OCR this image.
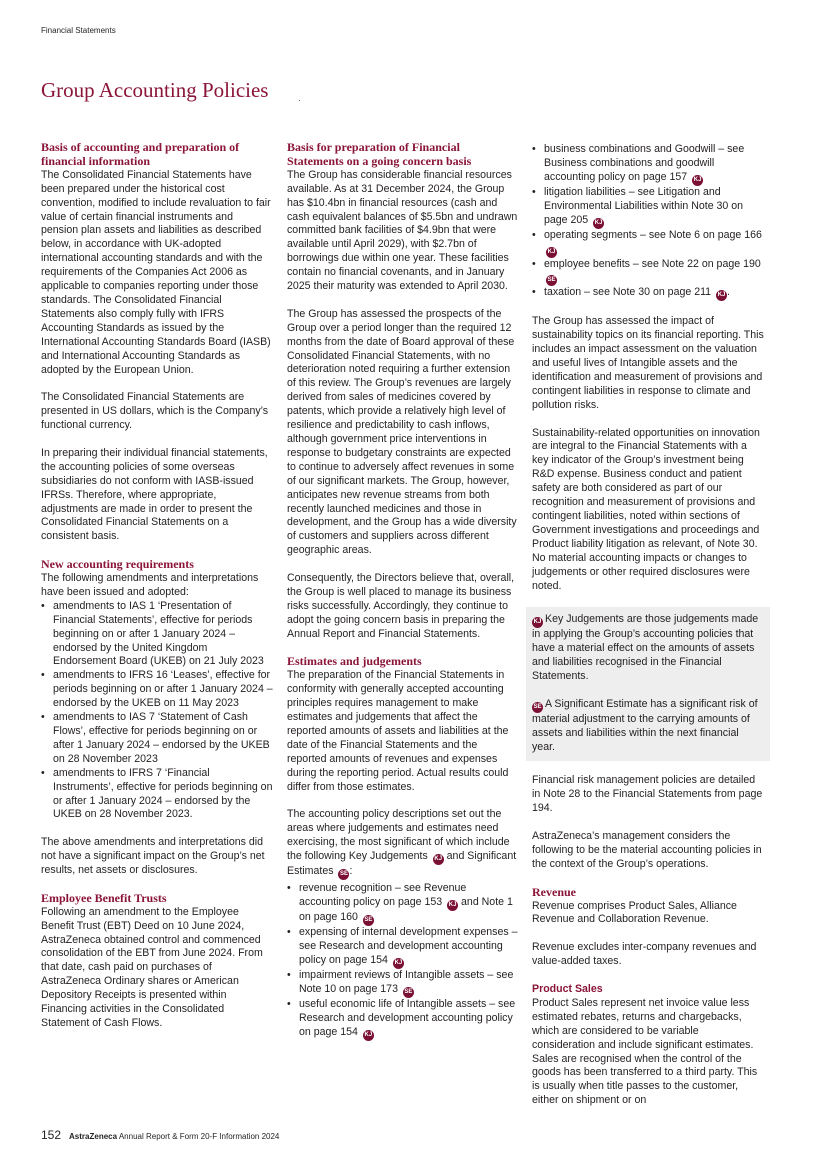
Financial Statements
Group Accounting Policies
Basis of accounting and preparation of financial information

The Consolidated Financial Statements have been prepared under the historical cost convention, modified to include revaluation to fair value of certain financial instruments and pension plan assets and liabilities as described below, in accordance with UK-adopted international accounting standards and with the requirements of the Companies Act 2006 as applicable to companies reporting under those standards. The Consolidated Financial Statements also comply fully with IFRS Accounting Standards as issued by the International Accounting Standards Board (IASB) and International Accounting Standards as adopted by the European Union.

The Consolidated Financial Statements are presented in US dollars, which is the Company’s functional currency.

In preparing their individual financial statements, the accounting policies of some overseas subsidiaries do not conform with IASB-issued IFRSs. Therefore, where appropriate, adjustments are made in order to present the Consolidated Financial Statements on a consistent basis.

New accounting requirements

The following amendments and interpretations have been issued and adopted:

• amendments to IAS 1 ‘Presentation of Financial Statements’, effective for periods beginning on or after 1 January 2024 – endorsed by the United Kingdom Endorsement Board (UKEB) on 21 July 2023
• amendments to IFRS 16 ‘Leases’, effective for periods beginning on or after 1 January 2024 – endorsed by the UKEB on 11 May 2023
• amendments to IAS 7 ‘Statement of Cash Flows’, effective for periods beginning on or after 1 January 2024 – endorsed by the UKEB on 28 November 2023
• amendments to IFRS 7 ‘Financial Instruments’, effective for periods beginning on or after 1 January 2024 – endorsed by the UKEB on 28 November 2023.

The above amendments and interpretations did not have a significant impact on the Group’s net results, net assets or disclosures.

Employee Benefit Trusts

Following an amendment to the Employee Benefit Trust (EBT) Deed on 10 June 2024, AstraZeneca obtained control and commenced consolidation of the EBT from June 2024. From that date, cash paid on purchases of AstraZeneca Ordinary shares or American Depository Receipts is presented within Financing activities in the Consolidated Statement of Cash Flows.

Basis for preparation of Financial Statements on a going concern basis

The Group has considerable financial resources available. As at 31 December 2024, the Group has $10.4bn in financial resources (cash and cash equivalent balances of $5.5bn and undrawn committed bank facilities of $4.9bn that were available until April 2029), with $2.7bn of borrowings due within one year. These facilities contain no financial covenants, and in January 2025 their maturity was extended to April 2030.

The Group has assessed the prospects of the Group over a period longer than the required 12 months from the date of Board approval of these Consolidated Financial Statements, with no deterioration noted requiring a further extension of this review. The Group’s revenues are largely derived from sales of medicines covered by patents, which provide a relatively high level of resilience and predictability to cash inflows, although government price interventions in response to budgetary constraints are expected to continue to adversely affect revenues in some of our significant markets. The Group, however, anticipates new revenue streams from both recently launched medicines and those in development, and the Group has a wide diversity of customers and suppliers across different geographic areas.

Consequently, the Directors believe that, overall, the Group is well placed to manage its business risks successfully. Accordingly, they continue to adopt the going concern basis in preparing the Annual Report and Financial Statements.

Estimates and judgements

The preparation of the Financial Statements in conformity with generally accepted accounting principles requires management to make estimates and judgements that affect the reported amounts of assets and liabilities at the date of the Financial Statements and the reported amounts of revenues and expenses during the reporting period. Actual results could differ from those estimates.

The accounting policy descriptions set out the areas where judgements and estimates need exercising, the most significant of which include the following Key Judgements KJ and Significant Estimates SE :

• revenue recognition – see Revenue accounting policy on page 153 KJ and Note 1 on page 160 SE
• expensing of internal development expenses – see Research and development accounting policy on page 154 KJ
• impairment reviews of Intangible assets – see Note 10 on page 173 SE
• useful economic life of Intangible assets – see Research and development accounting policy on page 154 KJ
• business combinations and Goodwill – see Business combinations and goodwill accounting policy on page 157 KJ
• litigation liabilities – see Litigation and Environmental Liabilities within Note 30 on page 205 KJ
• operating segments – see Note 6 on page 166 KJ
• employee benefits – see Note 22 on page 190 SE
• taxation – see Note 30 on page 211 KJ .

The Group has assessed the impact of sustainability topics on its financial reporting. This includes an impact assessment on the valuation and useful lives of Intangible assets and the identification and measurement of provisions and contingent liabilities in response to climate and pollution risks.

Sustainability-related opportunities on innovation are integral to the Financial Statements with a key indicator of the Group’s investment being R&D expense. Business conduct and patient safety are both considered as part of our recognition and measurement of provisions and contingent liabilities, noted within sections of Government investigations and proceedings and Product liability litigation as relevant, of Note 30. No material accounting impacts or changes to judgements or other required disclosures were noted.

KJ Key Judgements are those judgements made in applying the Group’s accounting policies that have a material effect on the amounts of assets and liabilities recognised in the Financial Statements.

SE A Significant Estimate has a significant risk of material adjustment to the carrying amounts of assets and liabilities within the next financial year.

Financial risk management policies are detailed in Note 28 to the Financial Statements from page 194.

AstraZeneca’s management considers the following to be the material accounting policies in the context of the Group’s operations.

Revenue

Revenue comprises Product Sales, Alliance Revenue and Collaboration Revenue.

Revenue excludes inter-company revenues and value-added taxes.

Product Sales

Product Sales represent net invoice value less estimated rebates, returns and chargebacks, which are considered to be variable consideration and include significant estimates. Sales are recognised when the control of the goods has been transferred to a third party. This is usually when title passes to the customer, either on shipment or on

152 AstraZeneca Annual Report & Form 20-F Information 2024
